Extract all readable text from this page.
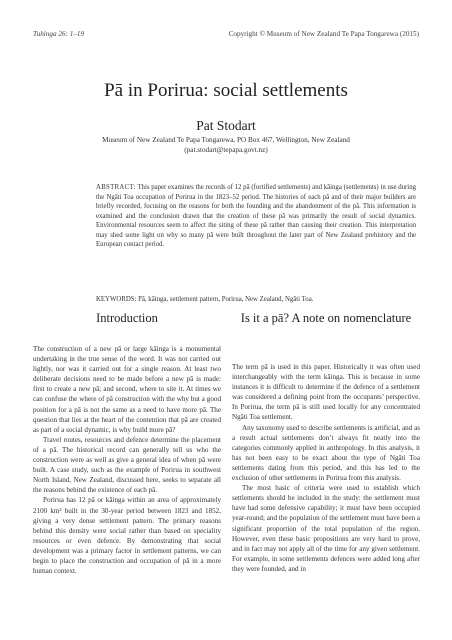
Tuhinga 26: 1–19	Copyright © Museum of New Zealand Te Papa Tongarewa (2015)
Pā in Porirua: social settlements
Pat Stodart
Museum of New Zealand Te Papa Tongarewa, PO Box 467, Wellington, New Zealand
(pat.stodart@tepapa.govt.nz)
ABSTRACT: This paper examines the records of 12 pā (fortified settlements) and kāinga (settlements) in use during the Ngāti Toa occupation of Porirua in the 1823–52 period. The histories of each pā and of their major builders are briefly recorded, focusing on the reasons for both the founding and the abandonment of the pā. This information is examined and the conclusion drawn that the creation of these pā was primarily the result of social dynamics. Environmental resources seem to affect the siting of these pā rather than causing their creation. This interpretation may shed some light on why so many pā were built throughout the later part of New Zealand prehistory and the European contact period.
KEYWORDS: Pā, kāinga, settlement pattern, Porirua, New Zealand, Ngāti Toa.
Introduction

The construction of a new pā or large kāinga is a monumental undertaking in the true sense of the word. It was not carried out lightly, nor was it carried out for a single reason. At least two deliberate decisions need to be made before a new pā is made: first to create a new pā; and second, where to site it. At times we can confuse the where of pā construction with the why but a good position for a pā is not the same as a need to have more pā. The question that lies at the heart of the contention that pā are created as part of a social dynamic, is why build more pā?

Travel routes, resources and defence determine the placement of a pā. The historical record can generally tell us who the construction were as well as give a general idea of when pā were built. A case study, such as the example of Porirua in southwest North Island, New Zealand, discussed here, seeks to separate all the reasons behind the existence of each pā.

Porirua has 12 pā or kāinga within an area of approximately 2100 km² built in the 30-year period between 1823 and 1852, giving a very dense settlement pattern. The primary reasons behind this density were social rather than based on speciality resources or even defence. By demonstrating that social development was a primary factor in settlement patterns, we can begin to place the construction and occupation of pā in a more human context.

Is it a pā? A note on nomenclature

The term pā is used in this paper. Historically it was often used interchangeably with the term kāinga. This is because in some instances it is difficult to determine if the defence of a settlement was considered a defining point from the occupants’ perspective. In Porirua, the term pā is still used locally for any concentrated Ngāti Toa settlement.

Any taxonomy used to describe settlements is artificial, and as a result actual settlements don’t always fit neatly into the categories commonly applied in anthropology. In this analysis, it has not been easy to be exact about the type of Ngāti Toa settlements dating from this period, and this has led to the exclusion of other settlements in Porirua from this analysis.

The most basic of criteria were used to establish which settlements should be included in the study: the settlement must have had some defensive capability; it must have been occupied year-round; and the population of the settlement must have been a significant proportion of the total population of the region. However, even these basic propositions are very hard to prove, and in fact may not apply all of the time for any given settlement. For example, in some settlements defences were added long after they were founded, and in
